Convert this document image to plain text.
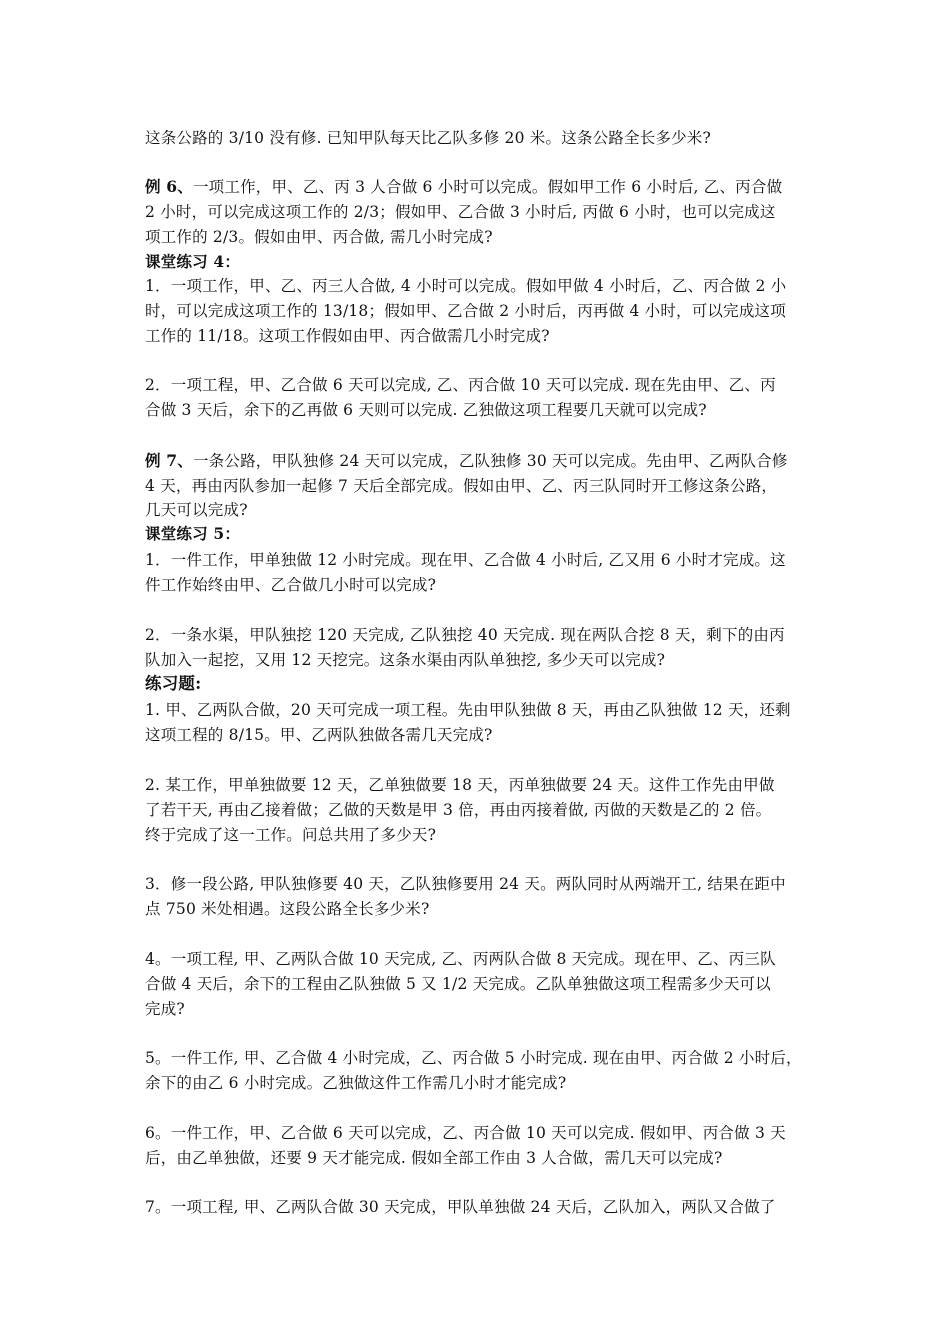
这条公路的 3/10 没有修. 已知甲队每天比乙队多修 20 米。这条公路全长多少米?
例 6、一项工作，甲、乙、丙 3 人合做 6 小时可以完成。假如甲工作 6 小时后, 乙、丙合做
2 小时，可以完成这项工作的 2/3；假如甲、乙合做 3 小时后, 丙做 6 小时，也可以完成这
项工作的 2/3。假如由甲、丙合做, 需几小时完成?
课堂练习 4：
1．一项工作，甲、乙、丙三人合做, 4 小时可以完成。假如甲做 4 小时后，乙、丙合做 2 小
时，可以完成这项工作的 13/18；假如甲、乙合做 2 小时后，丙再做 4 小时，可以完成这项
工作的 11/18。这项工作假如由甲、丙合做需几小时完成?
2．一项工程，甲、乙合做 6 天可以完成, 乙、丙合做 10 天可以完成. 现在先由甲、乙、丙
合做 3 天后，余下的乙再做 6 天则可以完成. 乙独做这项工程要几天就可以完成?
例 7、一条公路，甲队独修 24 天可以完成，乙队独修 30 天可以完成。先由甲、乙两队合修
4 天，再由丙队参加一起修 7 天后全部完成。假如由甲、乙、丙三队同时开工修这条公路，
几天可以完成?
课堂练习 5：
1．一件工作，甲单独做 12 小时完成。现在甲、乙合做 4 小时后, 乙又用 6 小时才完成。这
件工作始终由甲、乙合做几小时可以完成?
2．一条水渠，甲队独挖 120 天完成, 乙队独挖 40 天完成. 现在两队合挖 8 天，剩下的由丙
队加入一起挖，又用 12 天挖完。这条水渠由丙队单独挖, 多少天可以完成?
练习题:
1. 甲、乙两队合做，20 天可完成一项工程。先由甲队独做 8 天，再由乙队独做 12 天，还剩
这项工程的 8/15。甲、乙两队独做各需几天完成?
2. 某工作，甲单独做要 12 天，乙单独做要 18 天，丙单独做要 24 天。这件工作先由甲做
了若干天, 再由乙接着做；乙做的天数是甲 3 倍，再由丙接着做, 丙做的天数是乙的 2 倍。
终于完成了这一工作。问总共用了多少天?
3．修一段公路, 甲队独修要 40 天，乙队独修要用 24 天。两队同时从两端开工, 结果在距中
点 750 米处相遇。这段公路全长多少米?
4。一项工程, 甲、乙两队合做 10 天完成, 乙、丙两队合做 8 天完成。现在甲、乙、丙三队
合做 4 天后，余下的工程由乙队独做 5 又 1/2 天完成。乙队单独做这项工程需多少天可以
完成?
5。一件工作, 甲、乙合做 4 小时完成，乙、丙合做 5 小时完成. 现在由甲、丙合做 2 小时后，
余下的由乙 6 小时完成。乙独做这件工作需几小时才能完成?
6。一件工作，甲、乙合做 6 天可以完成，乙、丙合做 10 天可以完成. 假如甲、丙合做 3 天
后，由乙单独做，还要 9 天才能完成. 假如全部工作由 3 人合做，需几天可以完成?
7。一项工程, 甲、乙两队合做 30 天完成，甲队单独做 24 天后，乙队加入，两队又合做了
